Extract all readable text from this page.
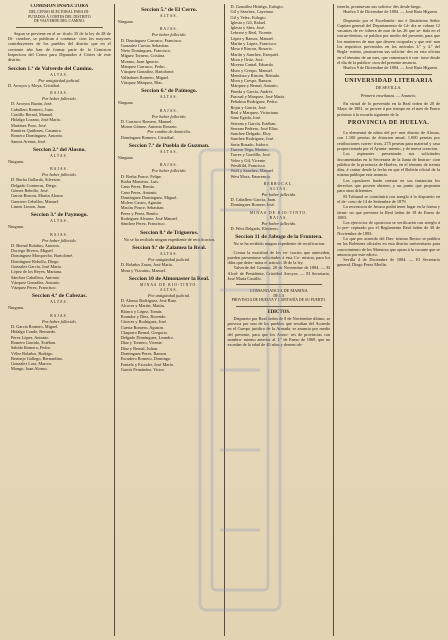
COMISION INSPECTORA
DEL CENSO ELECTORAL PARA DI-
PUTADOS Á CORTES DEL DISTRITO
DE VALVERDE DEL CAMINO.
Segun se previene en el ar- tículo 35 de la ley de 28 de Di- ciembre, se publican á continua- cion los mayores contribuyentes de los pueblos del distrito que en el corriente año han de formar parte de la Comision Inspectora del Censo para Diputados á Córtes de este distrito.
Seccion 1.ª de Valverde del Camino.
ALTAS.
Por antigüedad judicial.
D. Arroyos y Moya, Cristóbal.
BAJAS.
Por haber fallecido.
D. Arroyos Bazán, José.
Caballero Romero, Juan.
Castillo Bernal, Manuel.
Hidalgo Lozano, José María.
Martínez Pozo, José.
Ramírez Quiñones, Casimiro.
Romero Domínguez, Antonio.
Santos Arenas, José.
Seccion 2.ª del Alosno.
ALTAS.
Ninguna.
BAJAS.
Por haber fallecido.
D. Borba Gallardo, Silvestre.
Delgado Contreras, Diego.
Gómez Rebollo, José.
García Rincon, Martin Alonso
Guerrero Ceballos, Manuel.
Limon Limon, Juan.
Seccion 3.ª de Paymogo.
ALTAS.
Ninguna.
BAJAS.
Por haber fallecido.
D. Bernal Bolaños, Antonio.
Dorrego Rivero, Miguel.
Dominguez Morquecho, Bartolomé.
Domínguez Rebollo, Diego.
Gonzalez García, José María.
López de los Reyes, Mariana.
Sánchez Caballero, Antonio.
Vázquez González, Antonio.
Vázquez Perez, Francisco.
Seccion 4.ª de Cabezas.
ALTAS.
Ninguna.
BAJAS.
Por haber fallecido.
D. García Romero, Miguel.
Hidalgo Conde, Bernardo.
Perez López, Antonio.
Romero Garrido, Estéban.
Sabido Romero, Pedro.
Vélez Bolaños, Rodrigo.
Bermejo Gallego, Bernardino.
Gonzalez Lara, Marcos.
Mongo, Juan Alonso.
Seccion 5.ª de El Cerro.
ALTAS.
Ninguna.
BAJAS.
Por haber fallecido.
D. Domínguez Carrasco, Francisco.
Gonzalez Cuesta, Sebastian.
Nieto Domínguez, Francisco.
Míguez Tornero, Cristina.
Morano, Juan Ignacio.
Márquez Carrasco, Pedro.
Vázquez González, Bartolomé.
Valladares Romero, Miguel.
Vázquez Márquez, Blas.
Seccion 6.ª de Paimogo.
ALTAS.
Ninguna.
BAJAS.
Por haber fallecido.
D. Carrasco Romero, Manuel.
Moron Gómez, Antonio Rosario.
Por cambio de domicilio.
Domínguez Romero, Cristóbal.
Seccion 7.ª de Puebla de Guzman.
ALTAS.
Ninguna.
BAJAS.
Por haber fallecido.
D. Borba Ponce, Felipe.
Borba Monteiro, Luis.
Cano Perez, Benito.
Cano Perez, Antonio.
Domínguez Domínguez, Miguel.
Molero Castro, Agustin.
Macías Ponce, Sebastian.
Perez y Perez, Benito.
Rodríguez Alvarez, José Manuel.
Sánchez Perez, Francisco.
Seccion 8.ª de Trigueros.
No se ha recibido ningun expediente de rectificacion.
Seccion 9.ª de Zalamea la Real.
ALTAS.
Por antigüedad judicial.
D. Bolaños Zarza, José María.
Mora y Vizcaíno, Manuel.
Seccion 10 de Almonaster la Real.
MINAS DE RIO-TINTO.
ALTAS.
Por antigüedad judicial.
D. Alonso Rodríguez, José Ruiz.
Alcocer y Martín, Matías.
Blanco y López, Tomás.
Boundor y Díez, Rosendo.
Cáceres y Rodríguez, José.
Cuesta Romero, Agustin.
Chaparro Bernal, Gregorio.
Delgado Domínguez, Leandro.
Díaz y Tornero, Vicente.
Díaz y Bernal, Julian.
Domínguez Perez, Ramon.
Escudero Romero, Domingo.
Fontelo y Escuder, José María.
García Fernández, Victor.
D. González Hidalgo, Eulogio.
Gil y Sánchez, Cayetano.
Gil y Velez, Eulogio.
Iglesia y Gil, Rafael.
Iglesia y Sáez, José.
Lebrero y Real, Vicente.
López y Ramos, Manuel.
Martín y López, Francisco.
Mesa é Rincon, Rosario.
Martín y Sanchez, Ezequiel.
Mora y Ortiz, José.
Moreno Cantal, Eduardo.
Muro y Crespo, Manuel.
Mendoza y Rincón, Rómulo.
Mora y Crespo, Ramon.
Márquez y Bernal, Antonio.
Pineda y García, Andrés.
Pascual y Marquez, José María.
Peñalosa Rodríguez, Pedro.
Rojas y García, José.
Real y Marquez, Victoriano.
Sanz Egeda, José.
Serrano y García, Estéban.
Serrano Pedrero, José Elías.
Sanchez Delgado, Eloy.
Sanchez Rodríguez, José.
Soria Rosado, Isidoro.
Torrero Vega, Marino.
Torres y Gordillo, José.
Velez y Gil, Vicente.
Westlfild, Francisco.
Wolf y Sanchez, Manuel.
West Mora, Emerencio.
BERROCAL.
ALTAS.
Por haber fallecido.
D. Caballero García, Juan.
Domínguez Romero José.
MINAS DE RIO-TINTO.
BAJAS.
Por haber fallecido.
D. West Delgado, Eleuterio.
Seccion 11 de Jabugo de la Frontera.
No se ha recibido ningun expediente de rectificacion.
Contra la exactitud de los ex- tractos que anteceden, pueden presentarse solicitudes á esta Co- mision, para los ddas que deter- mina el artículo 36 de la ley.
Valverde del Camino, 20 de Noviembre de 1884. — El Alcal- de Presidente, Cristóbal Arroyos. — El Secretario, José María Castillo.
COMANDANCIA DE MARINA
DE LA
PROVINCIA DE HUELVA Y CAPITANÍA DE SU PUERTO.
EDICTOS.
Dispuesto por Real órden de 8 de Noviembre último, se provoca por uno de los pueblos que resultan del Acuerdo en el Cuerpo juridico de la Armada, se anuncia por medio del presente, para que los Aseso- res de provincias con nombra- miento anterior al 1.º de Enero de 1869, que no excedan de la edad de 40 años y deseen ob-
tenerla, promuevan sus solicitu- des desde luego.
Huelva 5 de Diciembre de 1884. — José Ruiz Higuero.
Dispuesto por el Excelentísi- mo é Ilustrísimo Señor Capitan general del Departamento de Cá- diz se cubran 12 vacantes de es- tribera de mar de las 26 que se- ñala en el inicuo-destino, se publica por medio del presente, para que los marineros de mar que deseen ocuparlas y que reú- nan los requisitos prevenidos en los artículos 3.º y 4.º del Regla- mento, promuevan sus solicitu- des en esta oficina en el término de un mes, que comenzará á con- tarse desde el día de la publica- cion del presente anuncio.
Huelva 9 de Diciembre de 1884. — José Ruiz Higuero.
UNIVERSIDAD LITERARIA
DE SEVILLA.
Primera enseñanza. — Anuncio.
En virtud de lo prevenido en la Real órden de 20 de Mayo de 1881, se provee á por tiempo en el mes de Enero próximo á la escuela siguiente de la
PROVINCIA DE HUELVA.
La elemental de niños del pri- mer distrito de Alosno, con 1.100 pesetas de dotacion anual, 1.000 pesetas por retribuciones corres- tivas, 275 pesetas para material y casa proporcionada por el Ayunta- miento, y de nueva creacion.
Los aspirantes presentarán sus solicitudes documentadas en la Secretaría de la Junta de Instruc- cion pública de la provincia de Huelva, en el término de treinta días, á contar desde la fecha en que el Boletín oficial de la misma publique este anuncio.
Los opositores harán constar en sus instancias los derechos que poseen obtener, y un punto que proponen para otras diferentes.
El Tribunal se constituirá con arreglo á lo dispuesto en el de- creto de 14 de Setiembre de 1879.
La recreacion de Jnvaca podrá tener lugar en la forma y térmi- no que previene la Real órden de 18 de Enero de 1883.
Los ejercicios de oposicion se verificarán con arreglo á lo pre- ceptuado por el Reglamento Real órden de 30 de Noviembre de 1883.
Lo que por acuerdo del Dus- trisimo Rector se publica en los Boletines oficiales en esta distrito universitario para conocimiento de los Maestros que optan á la vacante que se anuncia por este edicto.
Sevilla 4 de Diciembre de 1884. — El Secretario general, Diego Perez Merlín.
